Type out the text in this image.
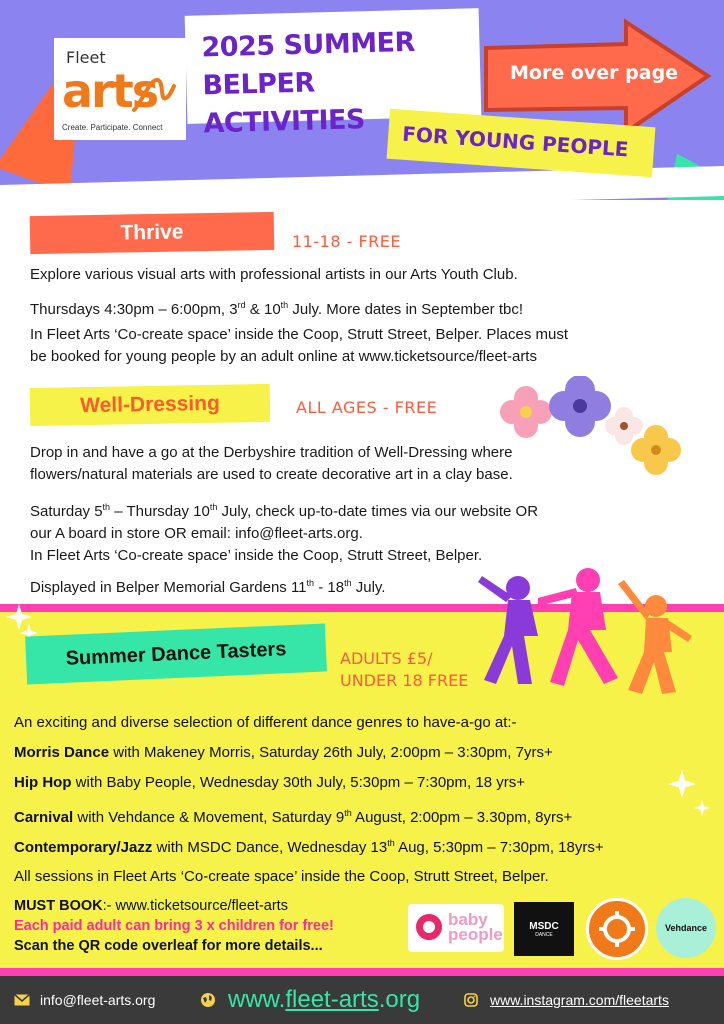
Fleet
arts
Create. Participate. Connect
2025 SUMMER
BELPER ACTIVITIES
More over page
FOR YOUNG PEOPLE
Thrive	11-18 - FREE
Explore various visual arts with professional artists in our Arts Youth Club.
Thursdays 4:30pm – 6:00pm, 3rd & 10th July. More dates in September tbc!
In Fleet Arts ‘Co-create space’ inside the Coop, Strutt Street, Belper. Places must
be booked for young people by an adult online at www.ticketsource/fleet-arts
Well-Dressing	ALL AGES - FREE
Drop in and have a go at the Derbyshire tradition of Well-Dressing where
flowers/natural materials are used to create decorative art in a clay base.
Saturday 5th – Thursday 10th July, check up-to-date times via our website OR
our A board in store OR email: info@fleet-arts.org.
In Fleet Arts ‘Co-create space’ inside the Coop, Strutt Street, Belper.
Displayed in Belper Memorial Gardens 11th - 18th July.
Summer Dance Tasters	ADULTS £5/
UNDER 18 FREE
An exciting and diverse selection of different dance genres to have-a-go at:-
Morris Dance with Makeney Morris, Saturday 26th July, 2:00pm – 3:30pm, 7yrs+
Hip Hop with Baby People, Wednesday 30th July, 5:30pm – 7:30pm, 18 yrs+
Carnival with Vehdance & Movement, Saturday 9th August, 2:00pm – 3.30pm, 8yrs+
Contemporary/Jazz with MSDC Dance, Wednesday 13th Aug, 5:30pm – 7:30pm, 18yrs+
All sessions in Fleet Arts ‘Co-create space’ inside the Coop, Strutt Street, Belper.
MUST BOOK:- www.ticketsource/fleet-arts
Each paid adult can bring 3 x children for free!
Scan the QR code overleaf for more details...
baby
people	MSDC
DANCE
Vehdance
info@fleet-arts.org	www.fleet-arts.org	www.instagram.com/fleetarts
